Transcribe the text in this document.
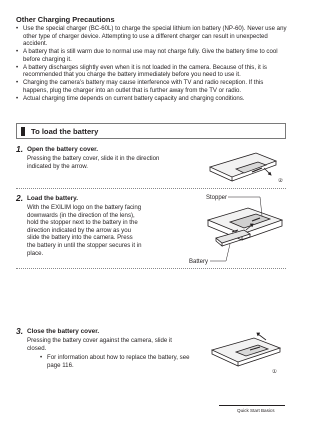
Other Charging Precautions
• Use the special charger (BC-60L) to charge the special lithium ion battery (NP-60). Never use any other type of charger device. Attempting to use a different charger can result in unexpected accident.
• A battery that is still warm due to normal use may not charge fully. Give the battery time to cool before charging it.
• A battery discharges slightly even when it is not loaded in the camera. Because of this, it is recommended that you charge the battery immediately before you need to use it.
• Charging the camera’s battery may cause interference with TV and radio reception. If this happens, plug the charger into an outlet that is further away from the TV or radio.
• Actual charging time depends on current battery capacity and charging conditions.
To load the battery
1. Open the battery cover.
Pressing the battery cover, slide it in the direction
indicated by the arrow.
②
2. Load the battery.
With the EXILIM logo on the battery facing
downwards (in the direction of the lens),
hold the stopper next to the battery in the
direction indicated by the arrow as you
slide the battery into the camera. Press
the battery in until the stopper secures it in
place.
Stopper
Battery
3. Close the battery cover.
Pressing the battery cover against the camera, slide it
closed.
• For information about how to replace the battery, see page 116.
①
Quick Start Basics
